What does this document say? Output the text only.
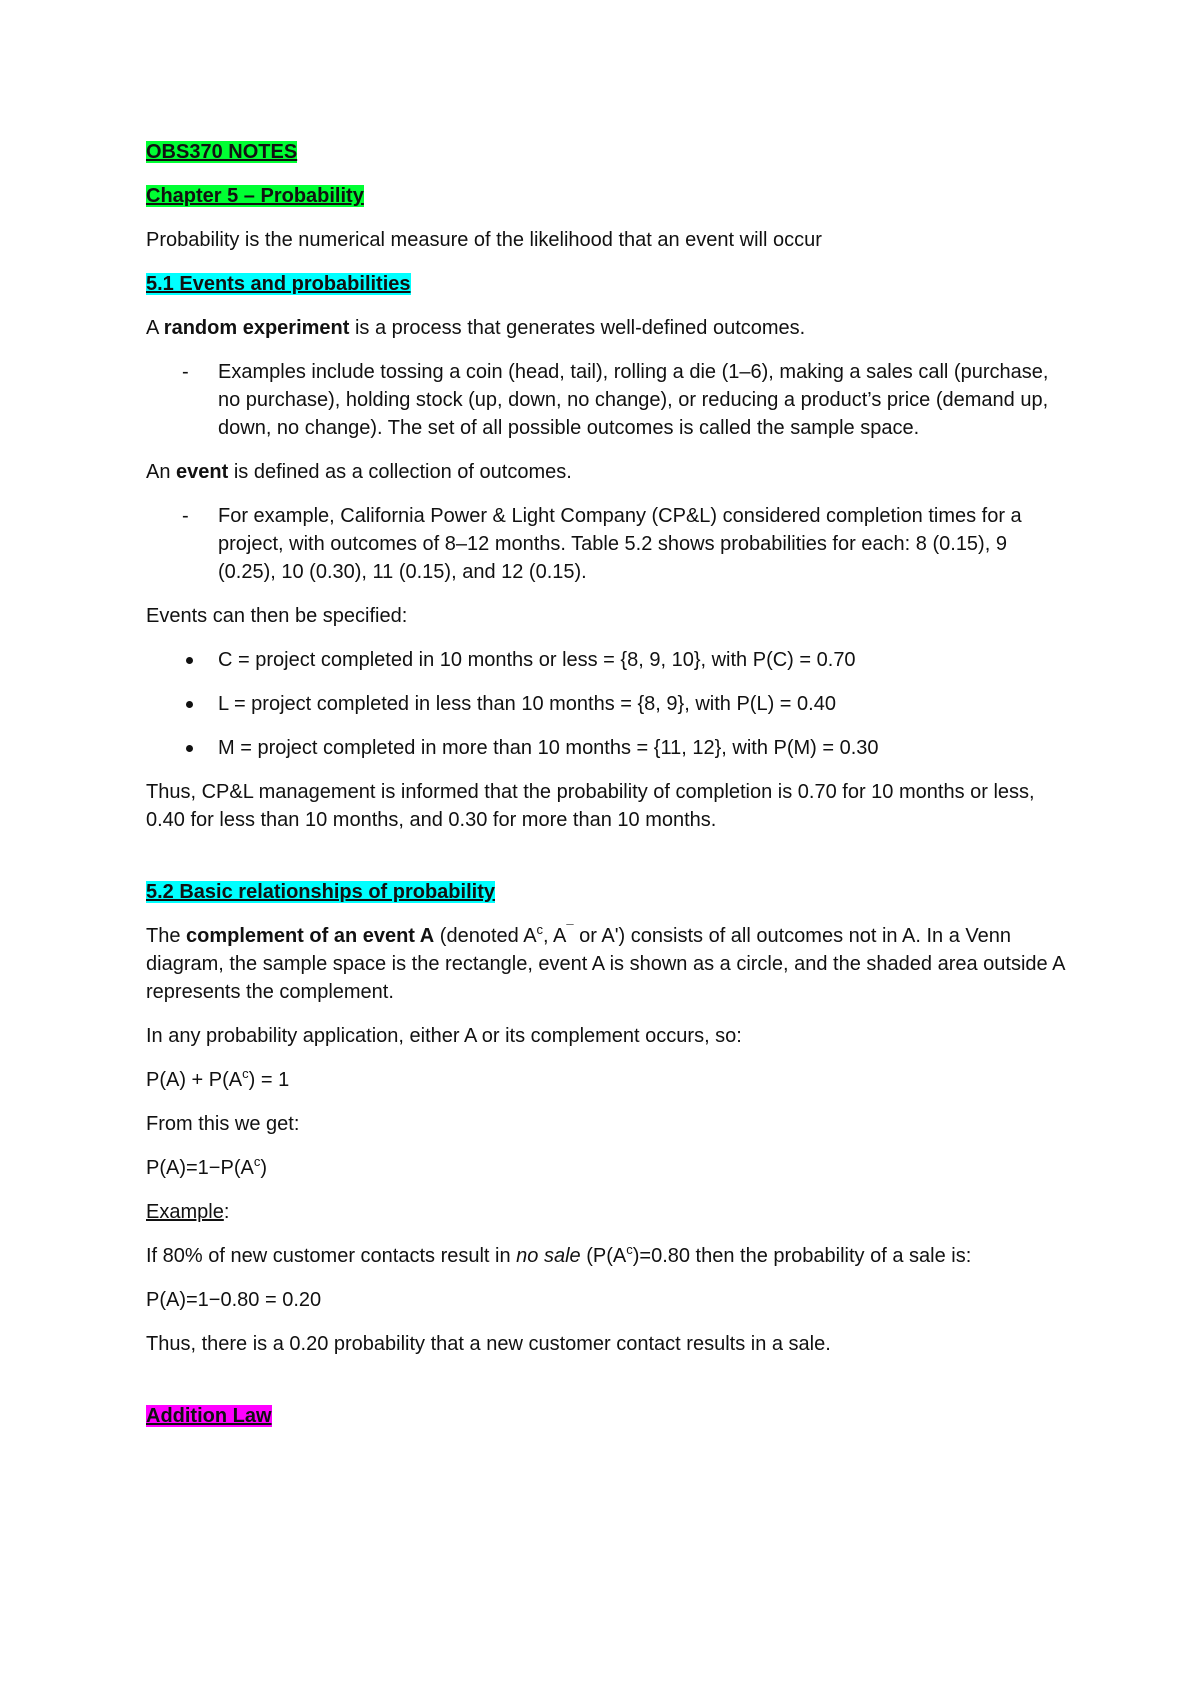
OBS370 NOTES

Chapter 5 – Probability

Probability is the numerical measure of the likelihood that an event will occur

5.1 Events and probabilities

A random experiment is a process that generates well-defined outcomes.

-	Examples include tossing a coin (head, tail), rolling a die (1–6), making a sales call (purchase, no purchase), holding stock (up, down, no change), or reducing a product’s price (demand up, down, no change). The set of all possible outcomes is called the sample space.

An event is defined as a collection of outcomes.

-	For example, California Power & Light Company (CP&L) considered completion times for a project, with outcomes of 8–12 months. Table 5.2 shows probabilities for each: 8 (0.15), 9 (0.25), 10 (0.30), 11 (0.15), and 12 (0.15).

Events can then be specified:

C = project completed in 10 months or less = {8, 9, 10}, with P(C) = 0.70
L = project completed in less than 10 months = {8, 9}, with P(L) = 0.40
M = project completed in more than 10 months = {11, 12}, with P(M) = 0.30

Thus, CP&L management is informed that the probability of completion is 0.70 for 10 months or less, 0.40 for less than 10 months, and 0.30 for more than 10 months.

5.2 Basic relationships of probability

The complement of an event A (denoted $A^c$, A¯ or A') consists of all outcomes not in A. In a Venn diagram, the sample space is the rectangle, event A is shown as a circle, and the shaded area outside A represents the complement.

In any probability application, either A or its complement occurs, so:

$P(A) + P(A^c) = 1$

From this we get:

$P(A)=1-P(A^c)$

Example:

If 80% of new customer contacts result in no sale ($P(A^c)=0.80$ then the probability of a sale is:

P(A)=1−0.80 = 0.20

Thus, there is a 0.20 probability that a new customer contact results in a sale.

Addition Law
